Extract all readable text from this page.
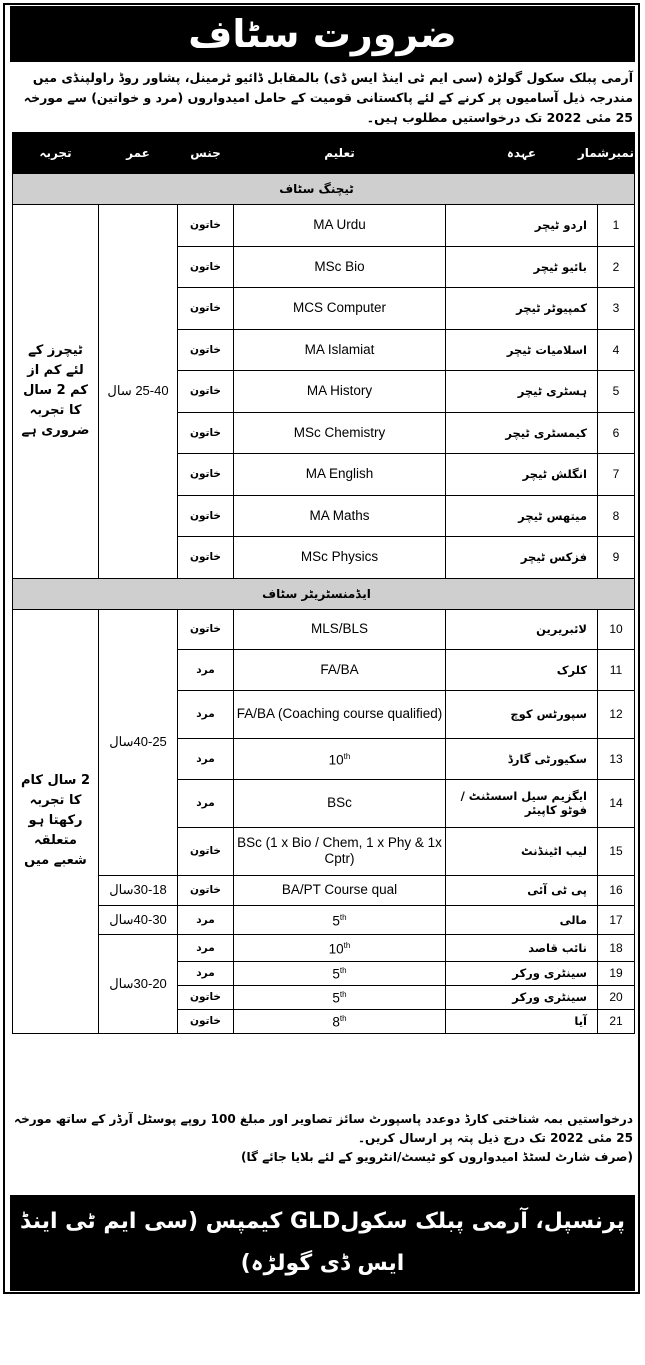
ضرورت سٹاف
آرمی پبلک سکول گولڑہ (سی ایم ٹی اینڈ ایس ڈی) بالمقابل ڈائیو ٹرمینل، پشاور روڈ راولپنڈی میں مندرجہ ذیل آسامیوں پر کرنے کے لئے پاکستانی قومیت کے حامل امیدواروں (مرد و خواتین) سے مورخہ 25 مئی 2022 تک درخواستیں مطلوب ہیں۔
نمبرشمار	عہدہ	تعلیم	جنس	عمر	تجربہ
ٹیچنگ سٹاف					
1	اردو ٹیچر	MA Urdu	خاتون	25-40 سال	ٹیچرز کے لئے کم از کم 2 سال کا تجربہ ضروری ہے
2	بائیو ٹیچر	MSc Bio	خاتون		
3	کمپیوٹر ٹیچر	MCS Computer	خاتون		
4	اسلامیات ٹیچر	MA Islamiat	خاتون		
5	ہسٹری ٹیچر	MA History	خاتون		
6	کیمسٹری ٹیچر	MSc Chemistry	خاتون		
7	انگلش ٹیچر	MA English	خاتون		
8	میتھس ٹیچر	MA Maths	خاتون		
9	فزکس ٹیچر	MSc Physics	خاتون		
ایڈمنسٹریٹر سٹاف					
10	لائبریرین	MLS/BLS	خاتون	40-25سال	2 سال کام کا تجربہ رکھتا ہو متعلقہ شعبے میں
11	کلرک	FA/BA	مرد		
12	سپورٹس کوچ	FA/BA (Coaching course qualified)	مرد		
13	سکیورٹی گارڈ	10th	مرد		
14	ایگزیم سیل اسسٹنٹ / فوٹو کاپیئر	BSc	مرد		
15	لیب اٹینڈنٹ	BSc (1 x Bio / Chem, 1 x Phy & 1x Cptr)	خاتون		
16	پی ٹی آئی	BA/PT Course qual	خاتون	30-18سال	
17	مالی	5th	مرد	40-30سال	
18	نائب قاصد	10th	مرد	30-20سال	
19	سینٹری ورکر	5th	مرد		
20	سینٹری ورکر	5th	خاتون		
21	آیا	8th	خاتون		
درخواستیں بمہ شناختی کارڈ دوعدد پاسپورٹ سائز تصاویر اور مبلغ 100 روپے پوسٹل آرڈر کے ساتھ مورخہ 25 مئی 2022 تک درج ذیل پتہ پر ارسال کریں۔
(صرف شارٹ لسٹڈ امیدواروں کو ٹیسٹ/انٹرویو کے لئے بلایا جائے گا)
پرنسپل، آرمی پبلک سکولGLD کیمپس (سی ایم ٹی اینڈ ایس ڈی گولڑہ)
بلمقابل ڈائیو بس ٹرمینل پشاور روڈ راولپنڈی ۔ برائے رابطہ 051-520728
